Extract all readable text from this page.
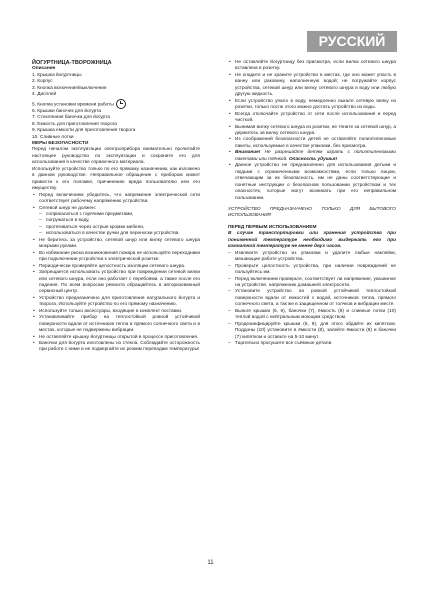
РУССКИЙ

ЙОГУРТНИЦА-ТВОРОЖНИЦА

Описание

1. Крышка йогуртницы
2. Корпус
3. Кнопка включения/выключения
4. Дисплей
5. Кнопка установки времени работы
6. Крышки баночек для йогурта
7. Стеклянная баночка для йогурта
8. Емкость для приготовления творога
9. Крышка емкости для приготовления творога
10. Сливные лотки

МЕРЫ БЕЗОПАСНОСТИ

Перед началом эксплуатации электроприбора внимательно прочитайте настоящее руководство по эксплуатации и сохраните его для использования в качестве справочного материала.

Используйте устройство только по его прямому назначению, как изложено в данном руководстве. Неправильное обращение с прибором может привести к его поломке, причинению вреда пользователю или его имуществу.

• Перед включением убедитесь, что напряжение электрической сети соответствует рабочему напряжению устройства.

• Сетевой шнур не должен:

– соприкасаться с горячими предметами,

– погружаться в воду,

– протягиваться через острые кромки мебели,

– использоваться в качестве ручки для переноски устройства.

• Не беритесь за устройство, сетевой шнур или вилку сетевого шнура мокрыми руками.

• Во избежание риска возникновения пожара не используйте переходники при подключении устройства к электрической розетке.

• Периодически проверяйте целостность изоляции сетевого шнура.

• Запрещается использовать устройство при повреждении сетевой вилки или сетевого шнура, если оно работает с перебоями, а также после его падения. По всем вопросам ремонта обращайтесь в авторизованный сервисный центр.

• Устройство предназначено для приготовления натурального йогурта и творога. Используйте устройство по его прямому назначению.

• Используйте только аксессуары, входящие в комплект поставки.

• Устанавливайте прибор на теплостойкой ровной устойчивой поверхности вдали от источников тепла и прямого солнечного света и в местах, которые не подвержены вибрации.

• Не оставляйте крышку йогуртницы открытой в процессе приготовления.

• Баночки для йогурта изготовлены из стекла. Соблюдайте осторожность при работе с ними и не подвергайте их резким перепадам температуры!

• Не оставляйте йогуртницу без присмотра, если вилка сетевого шнура вставлена в розетку.

• Не кладите и не храните устройство в местах, где оно может упасть в ванну или раковину, наполненную водой; не погружайте корпус устройства, сетевой шнур или вилку сетевого шнура в воду или любую другую жидкость.

• Если устройство упало в воду, немедленно выньте сетевую вилку из розетки, только после этого можно достать устройство из воды.

• Всегда отключайте устройство от сети после использования и перед чисткой.

• Вынимая вилку сетевого шнура из розетки, не тяните за сетевой шнур, а держитесь за вилку сетевого шнура.

• Из соображений безопасности детей не оставляйте полиэтиленовые пакеты, используемые в качестве упаковки, без присмотра.

• Внимание! Не разрешайте детям играть с полиэтиленовыми пакетами или плёнкой. Опасность удушья!

• Данное устройство не предназначено для использования детьми и людьми с ограниченными возможностями, если только лицом, отвечающим за их безопасность, им не даны соответствующие и понятные инструкции о безопасном пользовании устройством и тех опасностях, которые могут возникать при его неправильном пользовании.

УСТРОЙСТВО ПРЕДНАЗНАЧЕНО ТОЛЬКО ДЛЯ БЫТОВОГО ИСПОЛЬЗОВАНИЯ

ПЕРЕД ПЕРВЫМ ИСПОЛЬЗОВАНИЕМ

В случае транспортировки или хранения устройства при пониженной температуре необходимо выдержать его при комнатной температуре не менее двух часов.

– Извлеките устройство из упаковки и удалите любые наклейки, мешающие работе устройства.

– Проверьте целостность устройства, при наличии повреждений не пользуйтесь им.

– Перед включением проверьте, соответствует ли напряжение, указанное на устройстве, напряжению домашней электросети.

– Установите устройство на ровной устойчивой теплостойкой поверхности вдали от емкостей с водой, источников тепла, прямого солнечного света, а так же в защищенном от толчков и вибрации месте.

– Выньте крышки (6, 9), баночки (7), ёмкость (8) и сливные лотки (10) теплой водой с нейтральным моющим средством.

– Продезинфицируйте крышки (6, 9), для этого обдайте их кипятком. Поддоны (10) установите в ёмкости (8), залейте ёмкости (8) и баночки (7) кипятком и оставьте на 5-10 минут.

– Тщательно просушите все съёмные детали.

11
